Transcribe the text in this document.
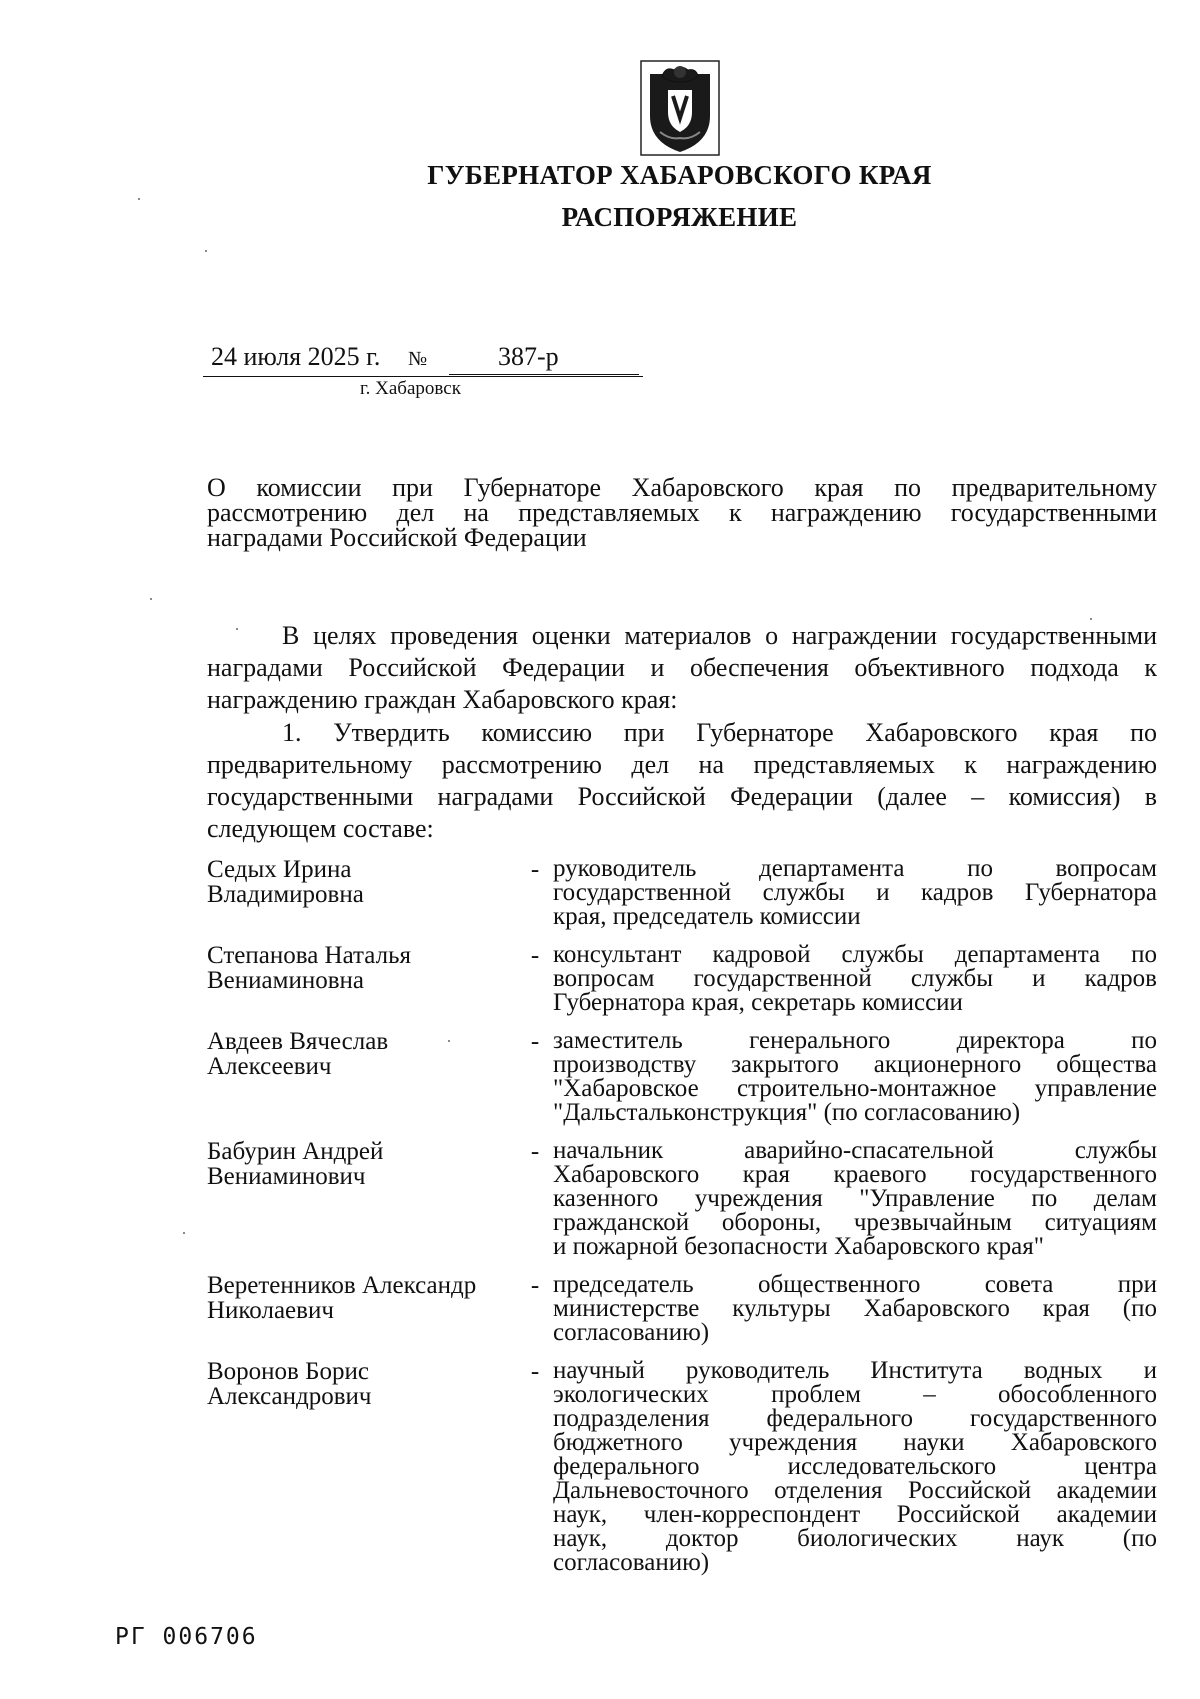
ГУБЕРНАТОР ХАБАРОВСКОГО КРАЯ
РАСПОРЯЖЕНИЕ
24 июля 2025 г. №	387-р
г. Хабаровск
О комиссии при Губернаторе Хабаровского края по предварительному
рассмотрению дел на представляемых к награждению государственными
наградами Российской Федерации
В целях проведения оценки материалов о награждении государственными
наградами Российской Федерации и обеспечения объективного подхода к
награждению граждан Хабаровского края:
1. Утвердить комиссию при Губернаторе Хабаровского края по
предварительному рассмотрению дел на представляемых к награждению
государственными наградами Российской Федерации (далее – комиссия) в
следующем составе:
Седых Ирина
Владимировна
- руководитель департамента по вопросам
государственной службы и кадров Губернатора
края, председатель комиссии
Степанова Наталья
Вениаминовна
- консультант кадровой службы департамента по
вопросам государственной службы и кадров
Губернатора края, секретарь комиссии
Авдеев Вячеслав
Алексеевич
- заместитель генерального директора по
производству закрытого акционерного общества
"Хабаровское строительно-монтажное управление
"Дальстальконструкция" (по согласованию)
Бабурин Андрей
Вениаминович
- начальник аварийно-спасательной службы
Хабаровского края краевого государственного
казенного учреждения "Управление по делам
гражданской обороны, чрезвычайным ситуациям
и пожарной безопасности Хабаровского края"
Веретенников Александр
Николаевич
- председатель общественного совета при
министерстве культуры Хабаровского края (по
согласованию)
Воронов Борис
Александрович
- научный руководитель Института водных и
экологических проблем – обособленного
подразделения федерального государственного
бюджетного учреждения науки Хабаровского
федерального исследовательского центра
Дальневосточного отделения Российской академии
наук, член-корреспондент Российской академии
наук, доктор биологических наук (по
согласованию)
РГ 006706
